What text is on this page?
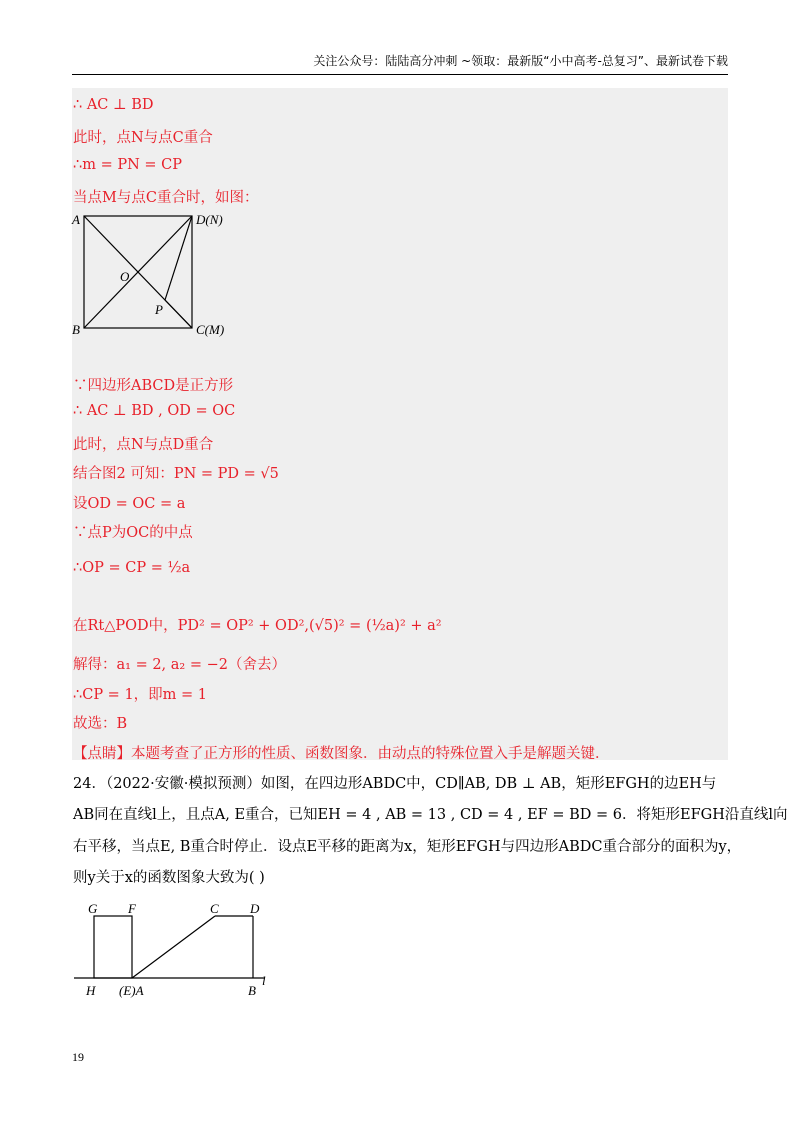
关注公众号：陆陆高分冲刺 ~领取：最新版“小中高考-总复习”、最新试卷下载
∴ AC ⊥ BD
此时，点N与点C重合
∴m = PN = CP
当点M与点C重合时，如图：
A	D(N)
O
P
B	C(M)
∵四边形ABCD是正方形
∴ AC ⊥ BD , OD = OC
此时，点N与点D重合
结合图2 可知：PN = PD = √5
设OD = OC = a
∵点P为OC的中点
∴OP = CP = ½a
在Rt△POD中，PD² = OP² + OD²,(√5)² = (½a)² + a²
解得：a₁ = 2, a₂ = −2（舍去）
∴CP = 1，即m = 1
故选：B
【点睛】本题考查了正方形的性质、函数图象．由动点的特殊位置入手是解题关键．
24．（2022·安徽·模拟预测）如图，在四边形ABDC中，CD∥AB, DB ⊥ AB，矩形EFGH的边EH与
AB同在直线l上，且点A, E重合，已知EH = 4 , AB = 13 , CD = 4 , EF = BD = 6．将矩形EFGH沿直线l向
右平移，当点E, B重合时停止．设点E平移的距离为x，矩形EFGH与四边形ABDC重合部分的面积为y，
则y关于x的函数图象大致为( )
G F	C D
H (E)A	B
l
19
